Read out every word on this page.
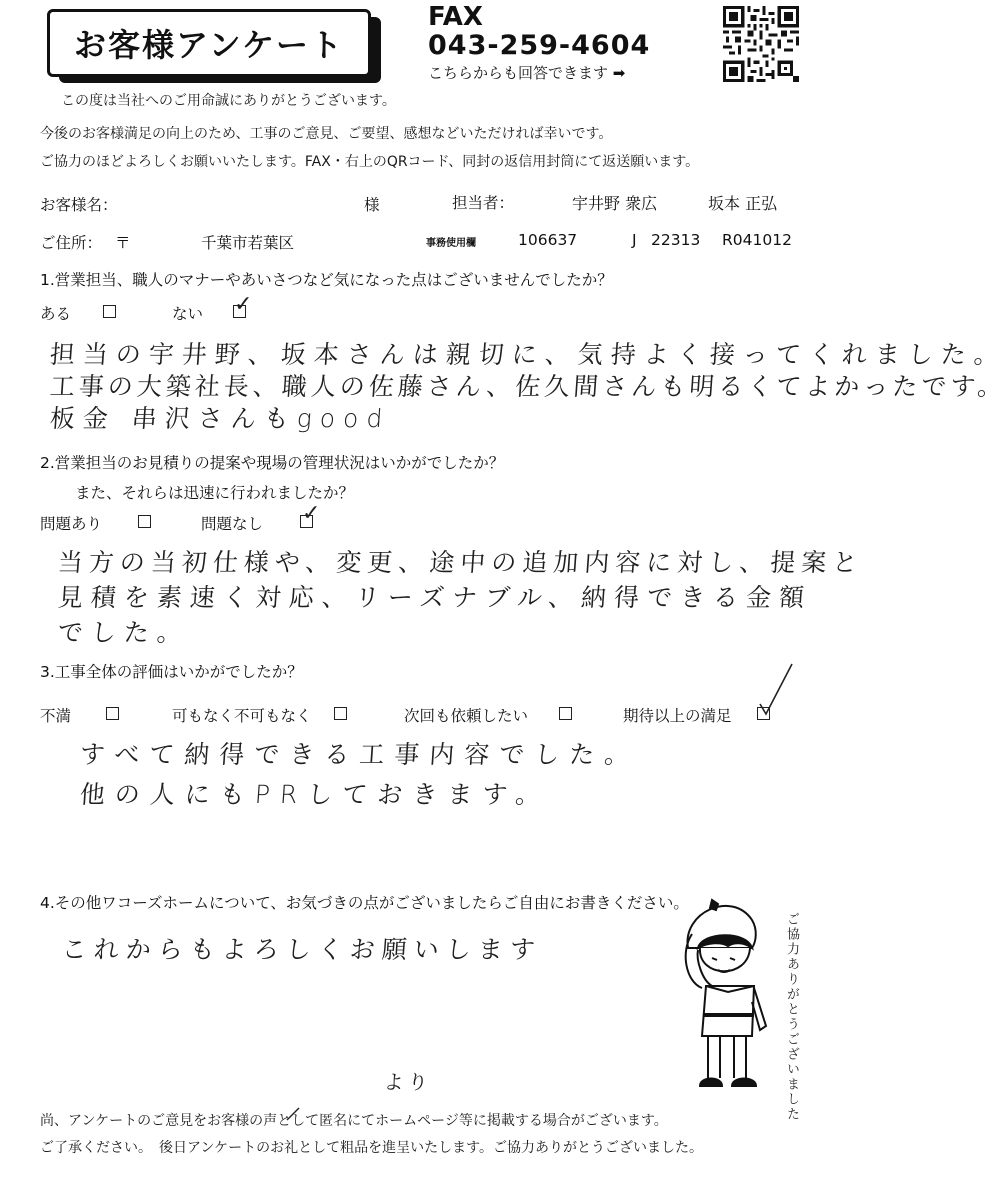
お客様アンケート
FAX
043-259-4604
こちらからも回答できます ➡
この度は当社へのご用命誠にありがとうございます。
今後のお客様満足の向上のため、工事のご意見、ご要望、感想などいただければ幸いです。
ご協力のほどよろしくお願いいたします。FAX・右上のQRコード、同封の返信用封筒にて返送願います。
お客様名：	様	担当者：	宇井野 衆広	坂本 正弘
ご住所： 〒	千葉市若葉区	事務使用欄	106637	J 22313 R041012
1.営業担当、職人のマナーやあいさつなど気になった点はございませんでしたか？
ある	ない ✓
担当の宇井野、坂本さんは親切に、気持よく接ってくれました。
工事の大築社長、職人の佐藤さん、佐久間さんも明るくてよかったです。
板金 串沢さんもgood
2.営業担当のお見積りの提案や現場の管理状況はいかがでしたか？
また、それらは迅速に行われましたか？
問題あり	問題なし ✓
当方の当初仕様や、変更、途中の追加内容に対し、提案と
見積を素速く対応、リーズナブル、納得できる金額
でした。
3.工事全体の評価はいかがでしたか？
不満	可もなく不可もなく	次回も依頼したい	期待以上の満足
すべて納得できる工事内容でした。
他の人にもPRしておきます。
4.その他ワコーズホームについて、お気づきの点がございましたらご自由にお書きください。
これからもよろしくお願いします	ご協力ありがとうございました
より
尚、アンケートのご意見をお客様の声として匿名にてホームページ等に掲載する場合がございます。
ご了承ください。　後日アンケートのお礼として粗品を進呈いたします。ご協力ありがとうございました。
